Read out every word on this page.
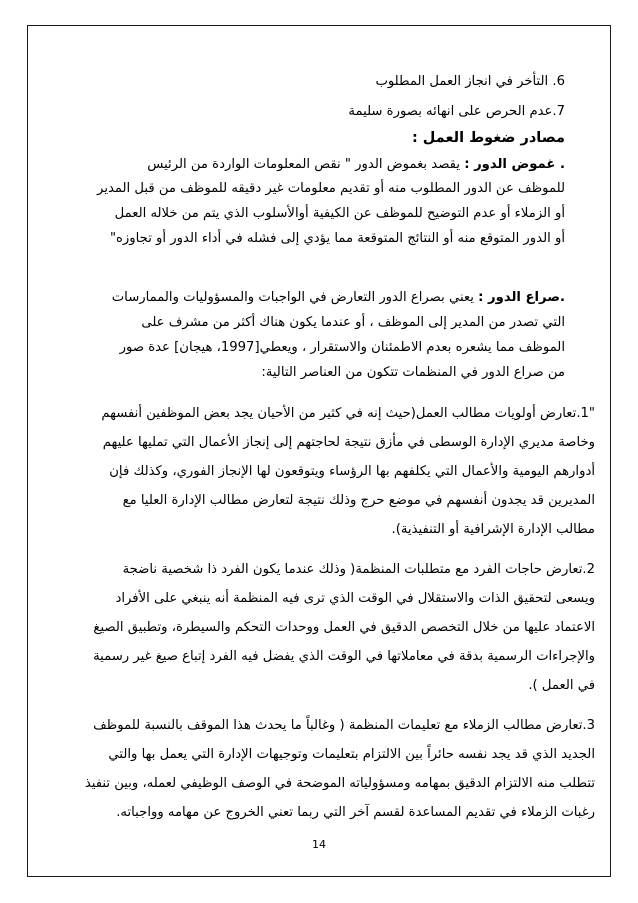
6. التأخر في انجاز العمل المطلوب
7.عدم الحرص على انهائه بصورة سليمة
مصادر ضغوط العمل :
. غموض الدور : يقصد بغموض الدور " نقص المعلومات الواردة من الرئيس
للموظف عن الدور المطلوب منه أو تقديم معلومات غير دقيقه للموظف من قبل المدير
أو الزملاء أو عدم التوضيح للموظف عن الكيفية أوالأسلوب الذي يتم من خلاله العمل
أو الدور المتوقع منه أو النتائج المتوقعة مما يؤدي إلى فشله في أداء الدور أو تجاوزه"
.صراع الدور : يعني بصراع الدور التعارض في الواجبات والمسؤوليات والممارسات
التي تصدر من المدير إلى الموظف ، أو عندما يكون هناك أكثر من مشرف على
الموظف مما يشعره بعدم الاطمئنان والاستقرار ، ويعطي[1997، هيجان] عدة صور
من صراع الدور في المنظمات تتكون من العناصر التالية:
"1.تعارض أولويات مطالب العمل(حيث إنه في كثير من الأحيان يجد بعض الموظفين أنفسهم
وخاصة مديري الإدارة الوسطى في مأزق نتيجة لحاجتهم إلى إنجاز الأعمال التي تمليها عليهم
أدوارهم اليومية والأعمال التي يكلفهم بها الرؤساء ويتوقعون لها الإنجاز الفوري، وكذلك فإن
المديرين قد يجدون أنفسهم في موضع حرج وذلك نتيجة لتعارض مطالب الإدارة العليا مع
مطالب الإدارة الإشرافية أو التنفيذية).
2.تعارض حاجات الفرد مع متطلبات المنظمة( وذلك عندما يكون الفرد ذا شخصية ناضجة
ويسعى لتحقيق الذات والاستقلال في الوقت الذي ترى فيه المنظمة أنه ينبغي على الأفراد
الاعتماد عليها من خلال التخصص الدقيق في العمل ووحدات التحكم والسيطرة، وتطبيق الصيغ
والإجراءات الرسمية بدقة في معاملاتها في الوقت الذي يفضل فيه الفرد إتباع صيغ غير رسمية
في العمل ).
3.تعارض مطالب الزملاء مع تعليمات المنظمة ( وغالباً ما يحدث هذا الموقف بالنسبة للموظف
الجديد الذي قد يجد نفسه حائراً بين الالتزام بتعليمات وتوجيهات الإدارة التي يعمل بها والتي
تتطلب منه الالتزام الدقيق بمهامه ومسؤولياته الموضحة في الوصف الوظيفي لعمله، وبين تنفيذ
رغبات الزملاء في تقديم المساعدة لقسم آخر التي ربما تعني الخروج عن مهامه وواجباته.
14
